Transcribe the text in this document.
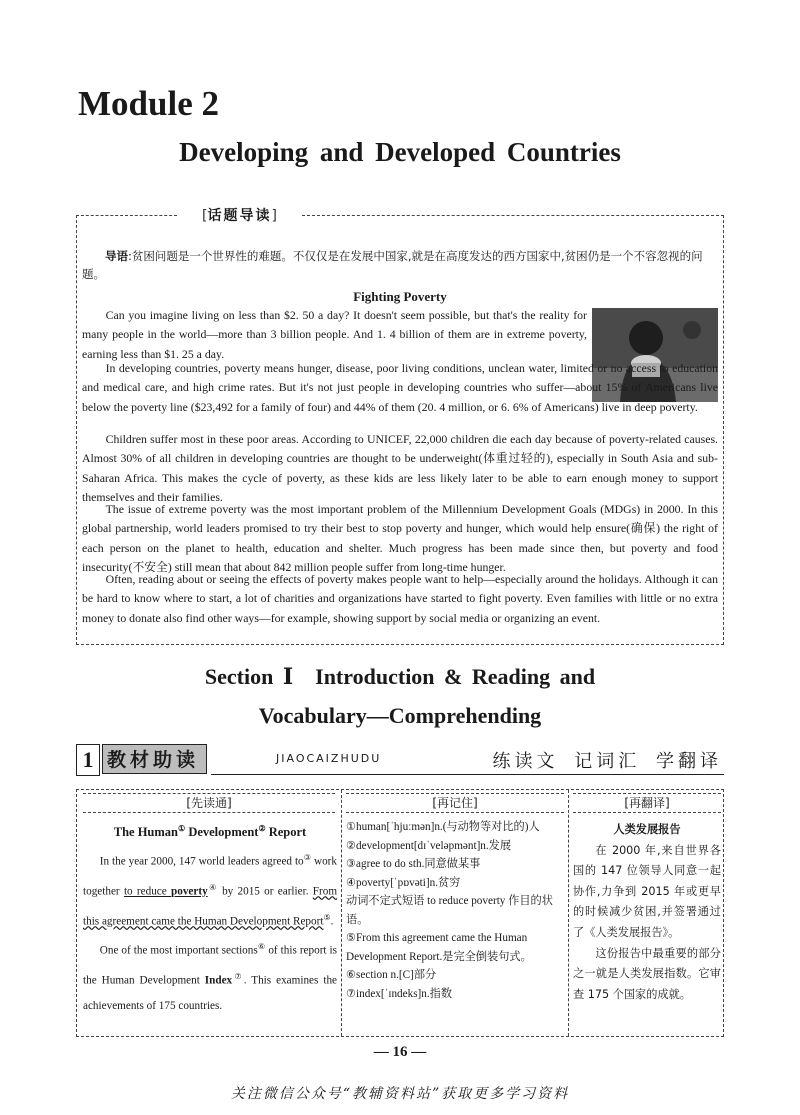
Module 2
Developing and Developed Countries
[话题导读]

导语:贫困问题是一个世界性的难题。不仅仅是在发展中国家,就是在高度发达的西方国家中,贫困仍是一个不容忽视的问题。

Fighting Poverty

Can you imagine living on less than $2. 50 a day? It doesn't seem possible, but that's the reality for many people in the world—more than 3 billion people. And 1. 4 billion of them are in extreme poverty, earning less than $1. 25 a day.

In developing countries, poverty means hunger, disease, poor living conditions, unclean water, limited or no access to education and medical care, and high crime rates. But it's not just people in developing countries who suffer—about 15% of Americans live below the poverty line ($23,492 for a family of four) and 44% of them (20. 4 million, or 6. 6% of Americans) live in deep poverty.

Children suffer most in these poor areas. According to UNICEF, 22,000 children die each day because of poverty-related causes. Almost 30% of all children in developing countries are thought to be underweight(体重过轻的), especially in South Asia and sub-Saharan Africa. This makes the cycle of poverty, as these kids are less likely later to be able to earn enough money to support themselves and their families.

The issue of extreme poverty was the most important problem of the Millennium Development Goals (MDGs) in 2000. In this global partnership, world leaders promised to try their best to stop poverty and hunger, which would help ensure(确保) the right of each person on the planet to health, education and shelter. Much progress has been made since then, but poverty and food insecurity(不安全) still mean that about 842 million people suffer from long-time hunger.

Often, reading about or seeing the effects of poverty makes people want to help—especially around the holidays. Although it can be hard to know where to start, a lot of charities and organizations have started to fight poverty. Even families with little or no extra money to donate also find other ways—for example, showing support by social media or organizing an event.

Section Ⅰ　Introduction & Reading and
Vocabulary—Comprehending
1 教材助读	JIAOCAIZHUDU	练读文 记词汇 学翻译
[先读通]
The Human① Development② Report
In the year 2000, 147 world leaders agreed to③ work together to reduce poverty④ by 2015 or earlier. From this agreement came the Human Development Report⑤.
One of the most important sections⑥ of this report is the Human Development Index⑦. This examines the achievements of 175 countries.
[再记住]
①human[ˈhjuːmən]n.(与动物等对比的)人
②development[dɪˈveləpmənt]n.发展
③agree to do sth.同意做某事
④poverty[ˈpɒvəti]n.贫穷
动词不定式短语 to reduce poverty 作目的状语。
⑤From this agreement came the Human Development Report.是完全倒装句式。
⑥section n.[C]部分
⑦index[ˈɪndeks]n.指数
[再翻译]
人类发展报告
在 2000 年,来自世界各国的 147 位领导人同意一起协作,力争到 2015 年或更早的时候减少贫困,并签署通过了《人类发展报告》。
这份报告中最重要的部分之一就是人类发展指数。它审查 175 个国家的成就。
— 16 —
关注微信公众号“教辅资料站”获取更多学习资料
